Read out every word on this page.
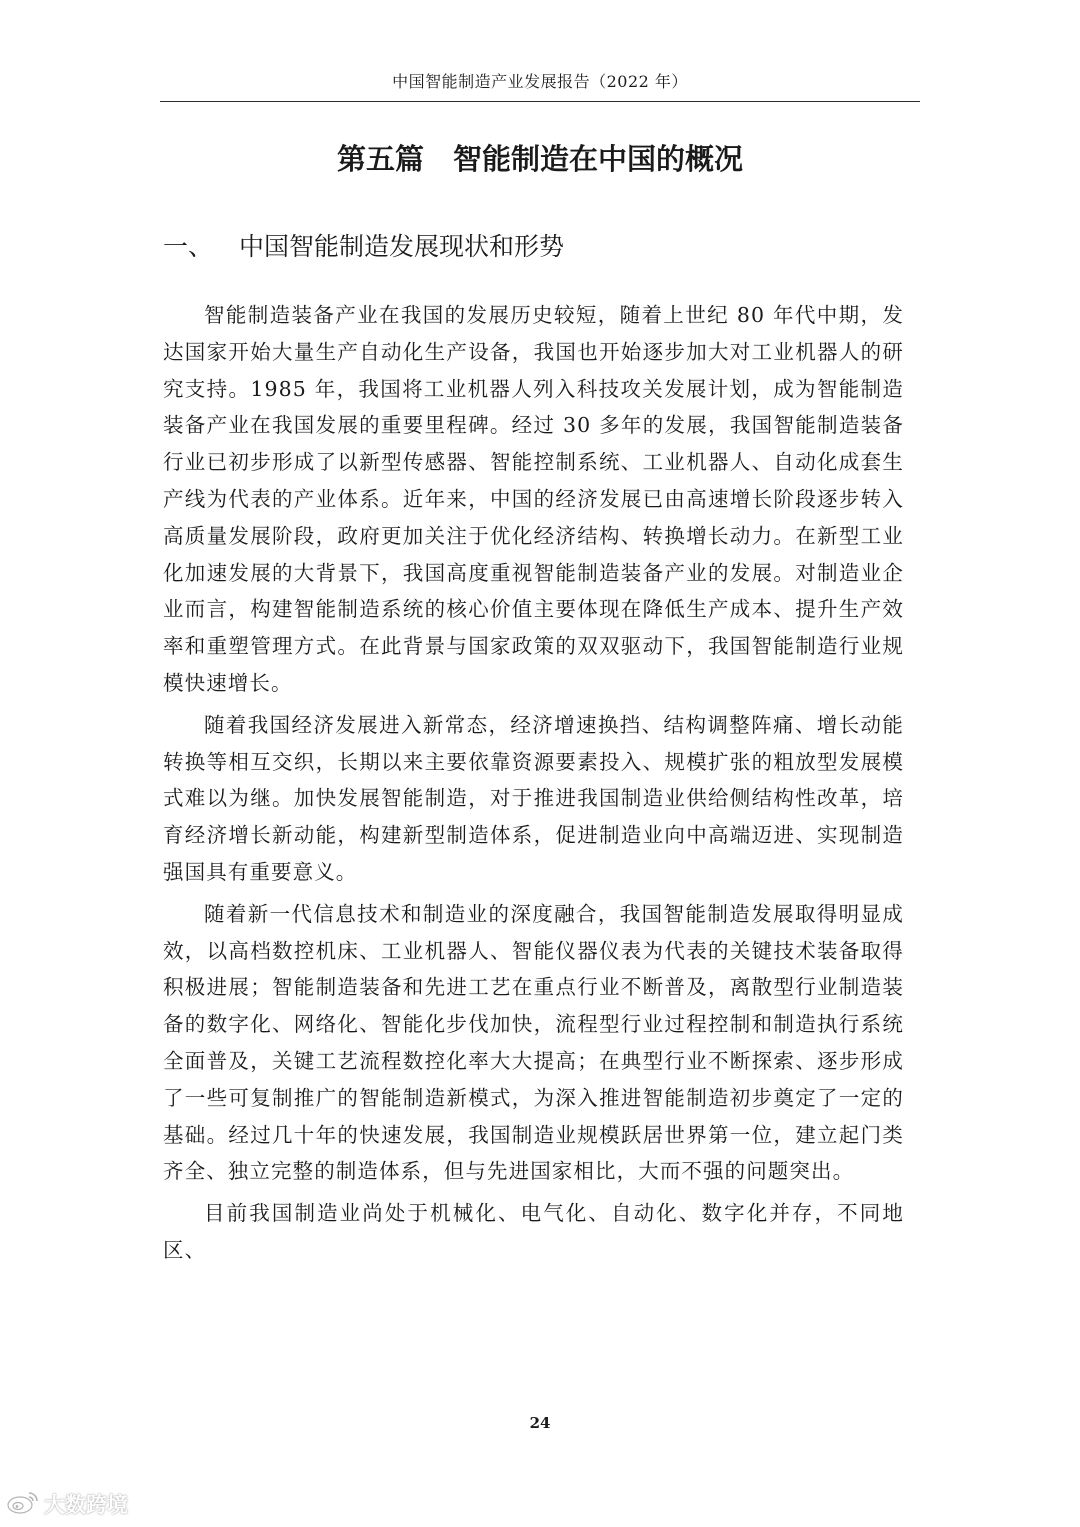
中国智能制造产业发展报告（2022 年）
第五篇　智能制造在中国的概况
一、 中国智能制造发展现状和形势

智能制造装备产业在我国的发展历史较短，随着上世纪 80 年代中期，发达国家开始大量生产自动化生产设备，我国也开始逐步加大对工业机器人的研究支持。1985 年，我国将工业机器人列入科技攻关发展计划，成为智能制造装备产业在我国发展的重要里程碑。经过 30 多年的发展，我国智能制造装备行业已初步形成了以新型传感器、智能控制系统、工业机器人、自动化成套生产线为代表的产业体系。近年来，中国的经济发展已由高速增长阶段逐步转入高质量发展阶段，政府更加关注于优化经济结构、转换增长动力。在新型工业化加速发展的大背景下，我国高度重视智能制造装备产业的发展。对制造业企业而言，构建智能制造系统的核心价值主要体现在降低生产成本、提升生产效率和重塑管理方式。在此背景与国家政策的双双驱动下，我国智能制造行业规模快速增长。

随着我国经济发展进入新常态，经济增速换挡、结构调整阵痛、增长动能转换等相互交织，长期以来主要依靠资源要素投入、规模扩张的粗放型发展模式难以为继。加快发展智能制造，对于推进我国制造业供给侧结构性改革，培育经济增长新动能，构建新型制造体系，促进制造业向中高端迈进、实现制造强国具有重要意义。

随着新一代信息技术和制造业的深度融合，我国智能制造发展取得明显成效，以高档数控机床、工业机器人、智能仪器仪表为代表的关键技术装备取得积极进展；智能制造装备和先进工艺在重点行业不断普及，离散型行业制造装备的数字化、网络化、智能化步伐加快，流程型行业过程控制和制造执行系统全面普及，关键工艺流程数控化率大大提高；在典型行业不断探索、逐步形成了一些可复制推广的智能制造新模式，为深入推进智能制造初步奠定了一定的基础。经过几十年的快速发展，我国制造业规模跃居世界第一位，建立起门类齐全、独立完整的制造体系，但与先进国家相比，大而不强的问题突出。

目前我国制造业尚处于机械化、电气化、自动化、数字化并存，不同地区、

24
大数跨境
